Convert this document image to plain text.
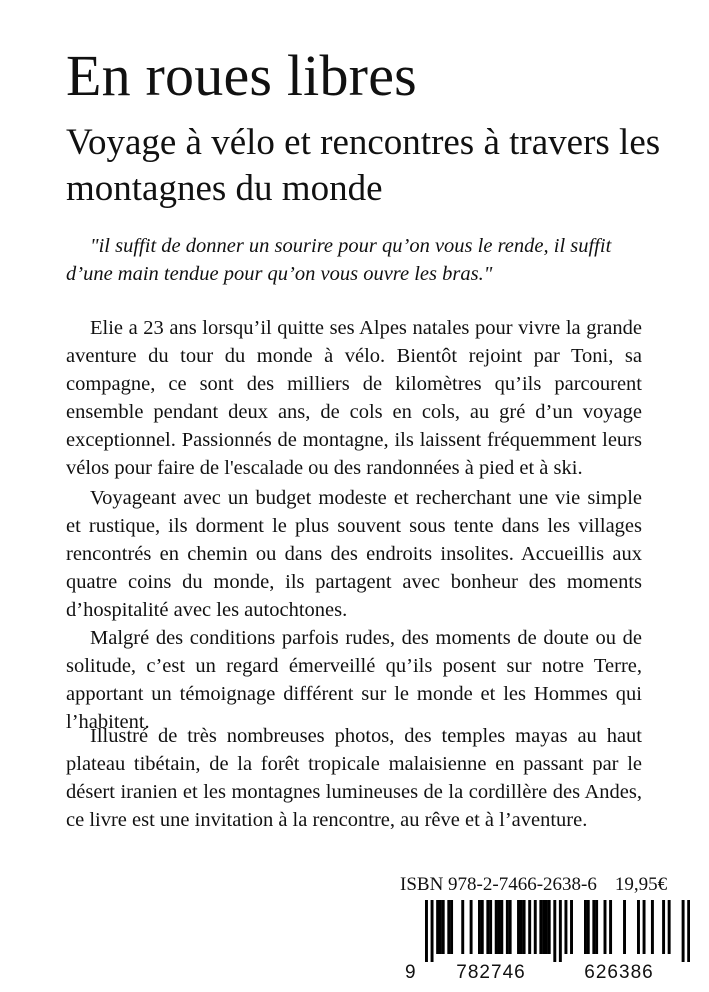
En roues libres
Voyage à vélo et rencontres à travers les montagnes du monde

"il suffit de donner un sourire pour qu’on vous le rende, il suffit d’une main tendue pour qu’on vous ouvre les bras."

Elie a 23 ans lorsqu’il quitte ses Alpes natales pour vivre la grande aventure du tour du monde à vélo. Bientôt rejoint par Toni, sa compagne, ce sont des milliers de kilomètres qu’ils parcourent ensemble pendant deux ans, de cols en cols, au gré d’un voyage exceptionnel. Passionnés de montagne, ils laissent fréquemment leurs vélos pour faire de l'escalade ou des randonnées à pied et à ski.

Voyageant avec un budget modeste et recherchant une vie simple et rustique, ils dorment le plus souvent sous tente dans les villages rencontrés en chemin ou dans des endroits insolites. Accueillis aux quatre coins du monde, ils partagent avec bonheur des moments d’hospitalité avec les autochtones.

Malgré des conditions parfois rudes, des moments de doute ou de solitude, c’est un regard émerveillé qu’ils posent sur notre Terre, apportant un témoignage différent sur le monde et les Hommes qui l’habitent.

Illustré de très nombreuses photos, des temples mayas au haut plateau tibétain, de la forêt tropicale malaisienne en passant par le désert iranien et les montagnes lumineuses de la cordillère des Andes, ce livre est une invitation à la rencontre, au rêve et à l’aventure.

ISBN 978-2-7466-2638-6 19,95€
9 782746	626386
